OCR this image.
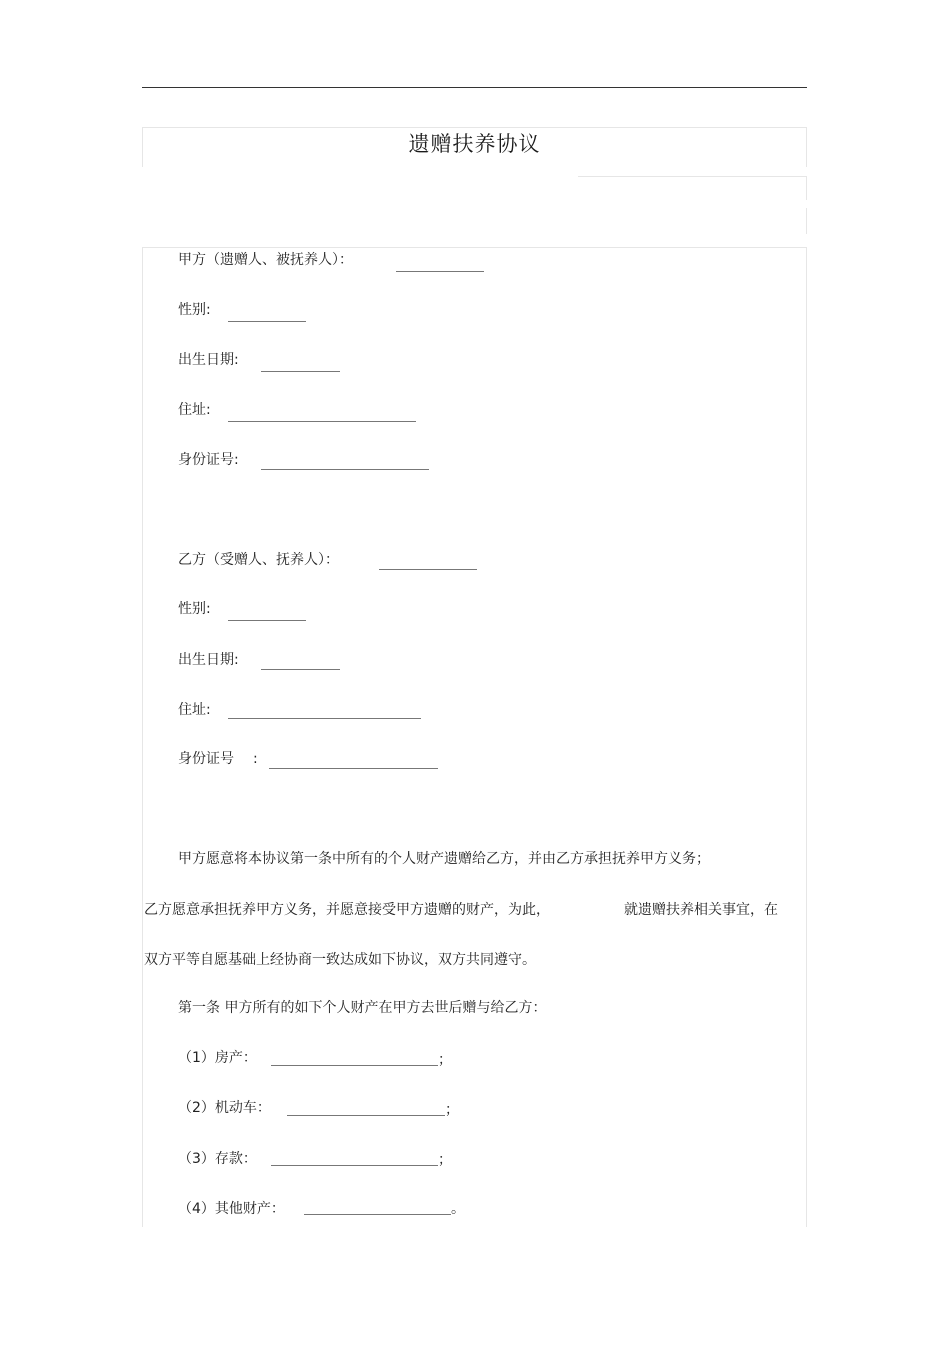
遗赠扶养协议
甲方（遗赠人、被抚养人）：
性别:
出生日期:
住址:
身份证号:
乙方（受赠人、抚养人）：
性别:
出生日期:
住址:
身份证号 :
甲方愿意将本协议第一条中所有的个人财产遗赠给乙方，并由乙方承担抚养甲方义务；
乙方愿意承担抚养甲方义务，并愿意接受甲方遗赠的财产，为此，	就遗赠扶养相关事宜，在
双方平等自愿基础上经协商一致达成如下协议，双方共同遵守。
第一条 甲方所有的如下个人财产在甲方去世后赠与给乙方：
（1）房产：	；
（2）机动车：	；
（3）存款：	；
（4）其他财产：	。
